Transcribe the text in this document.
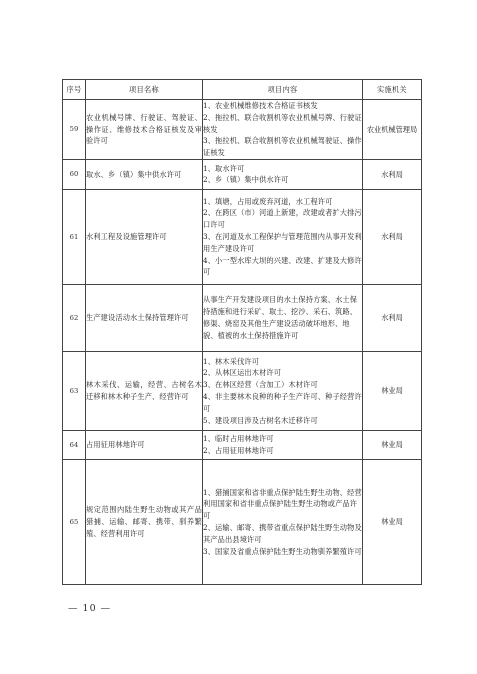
序号	项目名称	项目内容	实施机关
59	农业机械号牌、行驶证、驾驶证、操作证、维修技术合格证核发及审验许可	1、农业机械维修技术合格证书核发
2、拖拉机、联合收割机等农业机械号牌、行驶证核发
3、拖拉机、联合收割机等农业机械驾驶证、操作证核发	农业机械管理局
60	取水、乡（镇）集中供水许可	1、取水许可
2、乡（镇）集中供水许可	水利局
61	水利工程及设施管理许可	1、填塘，占用或废弃河道，水工程许可
2、在跨区（市）河道上新建，改建或者扩大排污口许可
3、在河道及水工程保护与管理范围内从事开发利用生产建设许可
4、小一型水库大坝的兴建、改建、扩建及大修许可	水利局
62	生产建设活动水土保持管理许可	从事生产开发建设项目的水土保持方案、水土保持措施和进行采矿、取土、挖沙、采石、筑路、修渠、烧窑及其他生产建设活动破坏地形、地貌、植被的水土保持措施许可	水利局
63	林木采伐、运输，经营、古树名木迁移和林木种子生产、经营许可	1、林木采伐许可
2、从林区运出木材许可
3、在林区经营（含加工）木材许可
4、非主要林木良种的种子生产许可、种子经营许可
5、建设项目涉及古树名木迁移许可	林业局
64	占用征用林地许可	1、临时占用林地许可
2、占用征用林地许可	林业局
65	规定范围内陆生野生动物或其产品猎捕、运输、邮寄、携带、驯养繁殖、经营利用许可	1、猎捕国家和省非重点保护陆生野生动物、经营利用国家和省非重点保护陆生野生动物或产品许可
2、运输、邮寄、携带省重点保护陆生野生动物及其产品出县境许可
3、国家及省重点保护陆生野生动物驯养繁殖许可	林业局
— 10 —
